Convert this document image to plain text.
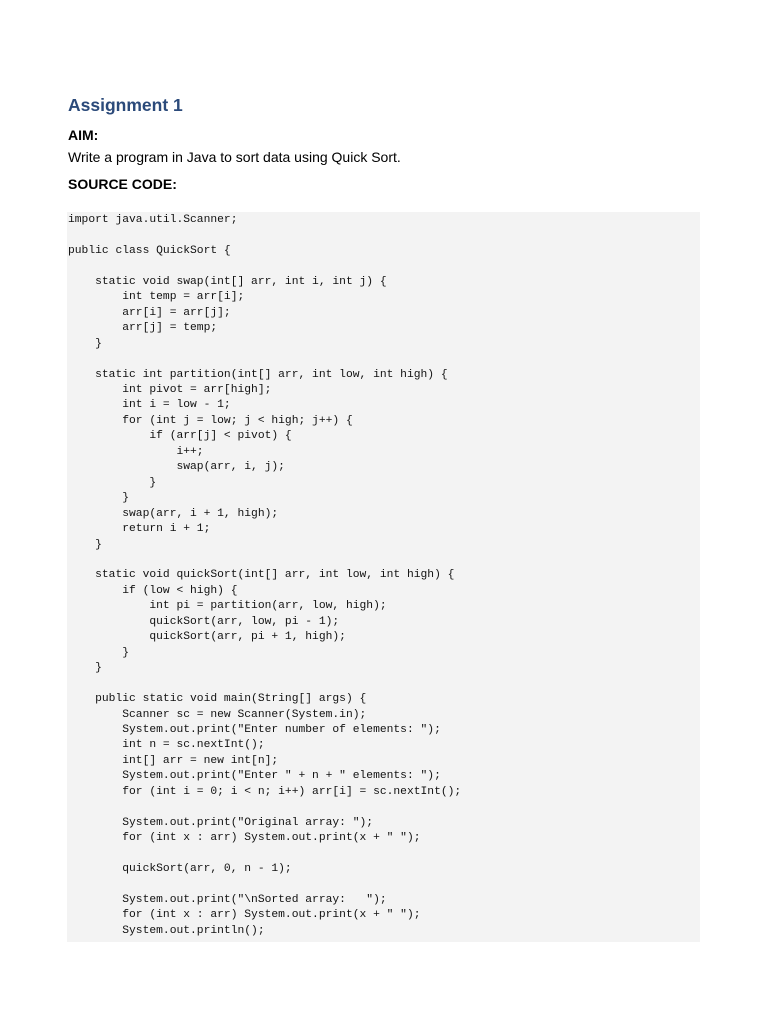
Assignment 1
AIM:
Write a program in Java to sort data using Quick Sort.
SOURCE CODE:
import java.util.Scanner;

public class QuickSort {

static void swap(int[] arr, int i, int j) {
int temp = arr[i];
arr[i] = arr[j];
arr[j] = temp;
}

static int partition(int[] arr, int low, int high) {
int pivot = arr[high];
int i = low - 1;
for (int j = low; j < high; j++) {
if (arr[j] < pivot) {
i++;
swap(arr, i, j);
}
}
swap(arr, i + 1, high);
return i + 1;
}

static void quickSort(int[] arr, int low, int high) {
if (low < high) {
int pi = partition(arr, low, high);
quickSort(arr, low, pi - 1);
quickSort(arr, pi + 1, high);
}
}

public static void main(String[] args) {
Scanner sc = new Scanner(System.in);
System.out.print("Enter number of elements: ");
int n = sc.nextInt();
int[] arr = new int[n];
System.out.print("Enter " + n + " elements: ");
for (int i = 0; i < n; i++) arr[i] = sc.nextInt();

System.out.print("Original array: ");
for (int x : arr) System.out.print(x + " ");

quickSort(arr, 0, n - 1);

System.out.print("\nSorted array:   ");
for (int x : arr) System.out.print(x + " ");
System.out.println();
